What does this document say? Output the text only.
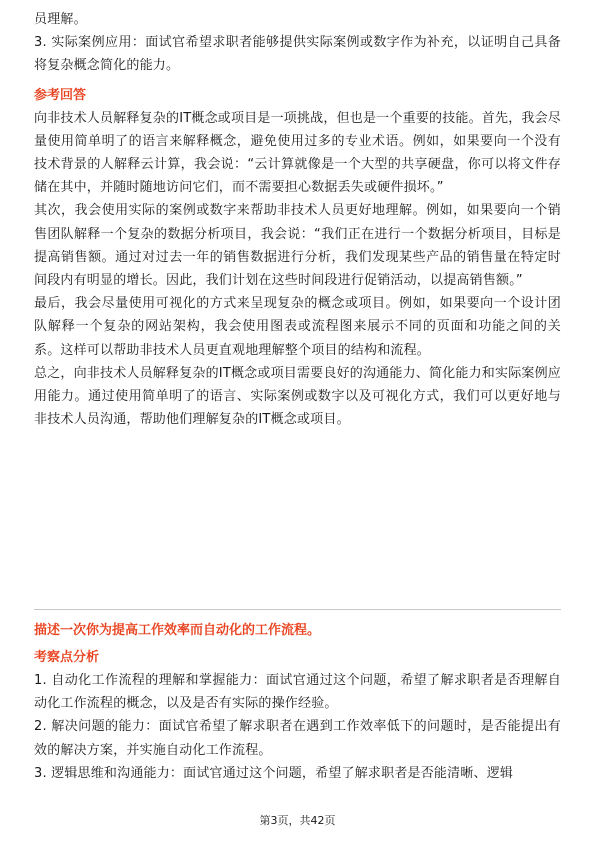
员理解。

3. 实际案例应用：面试官希望求职者能够提供实际案例或数字作为补充，以证明自己具备将复杂概念简化的能力。

参考回答

向非技术人员解释复杂的IT概念或项目是一项挑战，但也是一个重要的技能。首先，我会尽量使用简单明了的语言来解释概念，避免使用过多的专业术语。例如，如果要向一个没有技术背景的人解释云计算，我会说：“云计算就像是一个大型的共享硬盘，你可以将文件存储在其中，并随时随地访问它们，而不需要担心数据丢失或硬件损坏。”

其次，我会使用实际的案例或数字来帮助非技术人员更好地理解。例如，如果要向一个销售团队解释一个复杂的数据分析项目，我会说：“我们正在进行一个数据分析项目，目标是提高销售额。通过对过去一年的销售数据进行分析，我们发现某些产品的销售量在特定时间段内有明显的增长。因此，我们计划在这些时间段进行促销活动，以提高销售额。”

最后，我会尽量使用可视化的方式来呈现复杂的概念或项目。例如，如果要向一个设计团队解释一个复杂的网站架构，我会使用图表或流程图来展示不同的页面和功能之间的关系。这样可以帮助非技术人员更直观地理解整个项目的结构和流程。

总之，向非技术人员解释复杂的IT概念或项目需要良好的沟通能力、简化能力和实际案例应用能力。通过使用简单明了的语言、实际案例或数字以及可视化方式，我们可以更好地与非技术人员沟通，帮助他们理解复杂的IT概念或项目。

描述一次你为提高工作效率而自动化的工作流程。

考察点分析

1. 自动化工作流程的理解和掌握能力：面试官通过这个问题，希望了解求职者是否理解自动化工作流程的概念，以及是否有实际的操作经验。

2. 解决问题的能力：面试官希望了解求职者在遇到工作效率低下的问题时，是否能提出有效的解决方案，并实施自动化工作流程。

3. 逻辑思维和沟通能力：面试官通过这个问题，希望了解求职者是否能清晰、逻辑

第3页，共42页
